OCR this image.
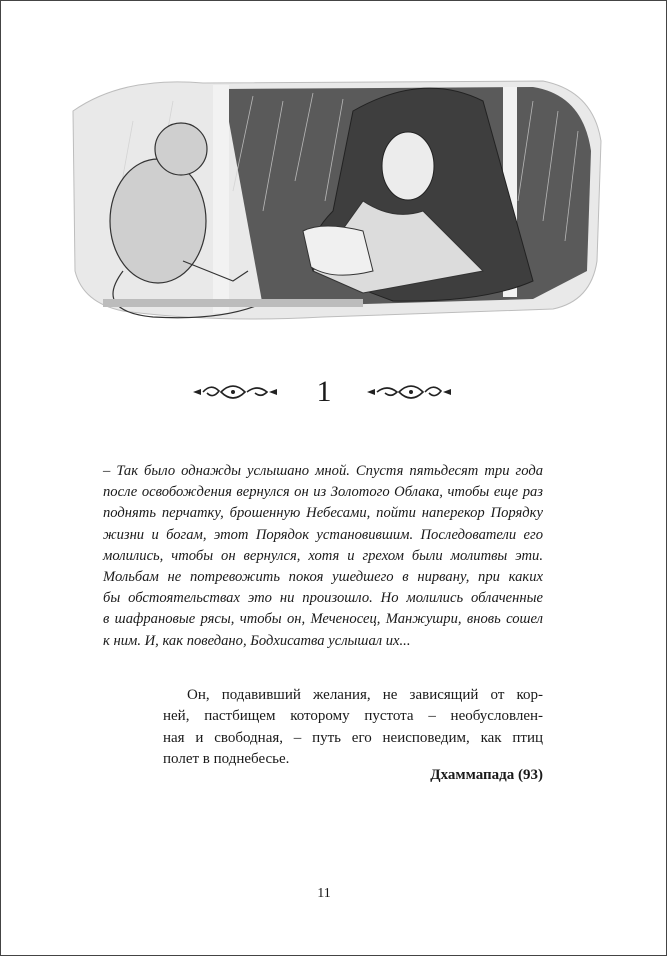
1

– Так было однажды услышано мной. Спустя пятьдесят три года
после освобождения вернулся он из Золотого Облака, чтобы еще раз
поднять перчатку, брошенную Небесами, пойти наперекор Порядку
жизни и богам, этот Порядок установившим. Последователи его
молились, чтобы он вернулся, хотя и грехом были молитвы эти.
Мольбам не потревожить покоя ушедшего в нирвану, при каких
бы обстоятельствах это ни произошло. Но молились облаченные
в шафрановые рясы, чтобы он, Меченосец, Манжушри, вновь сошел
к ним. И, как поведано, Бодхисатва услышал их...

Он, подавивший желания, не зависящий от кор-
ней, пастбищем которому пустота – необусловлен-
ная и свободная, – путь его неисповедим, как птиц
полет в поднебесье.

Дхаммапада (93)
11
